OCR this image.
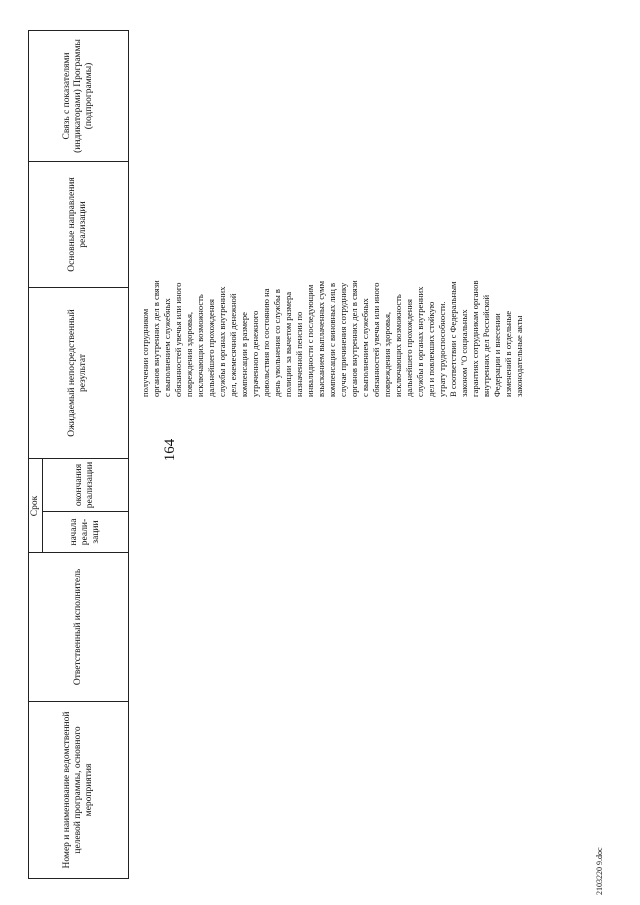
164
2103220 9.doc
Номер и наименование ведомственной целевой программы, основного мероприятия
Ответственный исполнитель
Срок
начала реали-зации
окончания реализации
Ожидаемый непосредственный результат
Основные направления реализации
Связь с показателями (индикаторами) Программы (подпрограммы)
получении сотрудником
органов внутренних дел в связи
с выполнением служебных
обязанностей увечья или иного
повреждения здоровья,
исключающих возможность
дальнейшего прохождения
службы в органах внутренних
дел, ежемесячной денежной
компенсации в размере
утраченного денежного
довольствия по состоянию на
день увольнения со службы в
полиции за вычетом размера
назначенной пенсии по
инвалидности с последующим
взысканием выплаченных сумм
компенсации с виновных лиц в
случае причинения сотруднику
органов внутренних дел в связи
с выполнением служебных
обязанностей увечья или иного
повреждения здоровья,
исключающих возможность
дальнейшего прохождения
службы в органах внутренних
дел и повлекших стойкую
утрату трудоспособности.
В соответствии с Федеральным
законом "О социальных
гарантиях сотрудникам органов
внутренних дел Российской
Федерации и внесении
изменений в отдельные
законодательные акты
